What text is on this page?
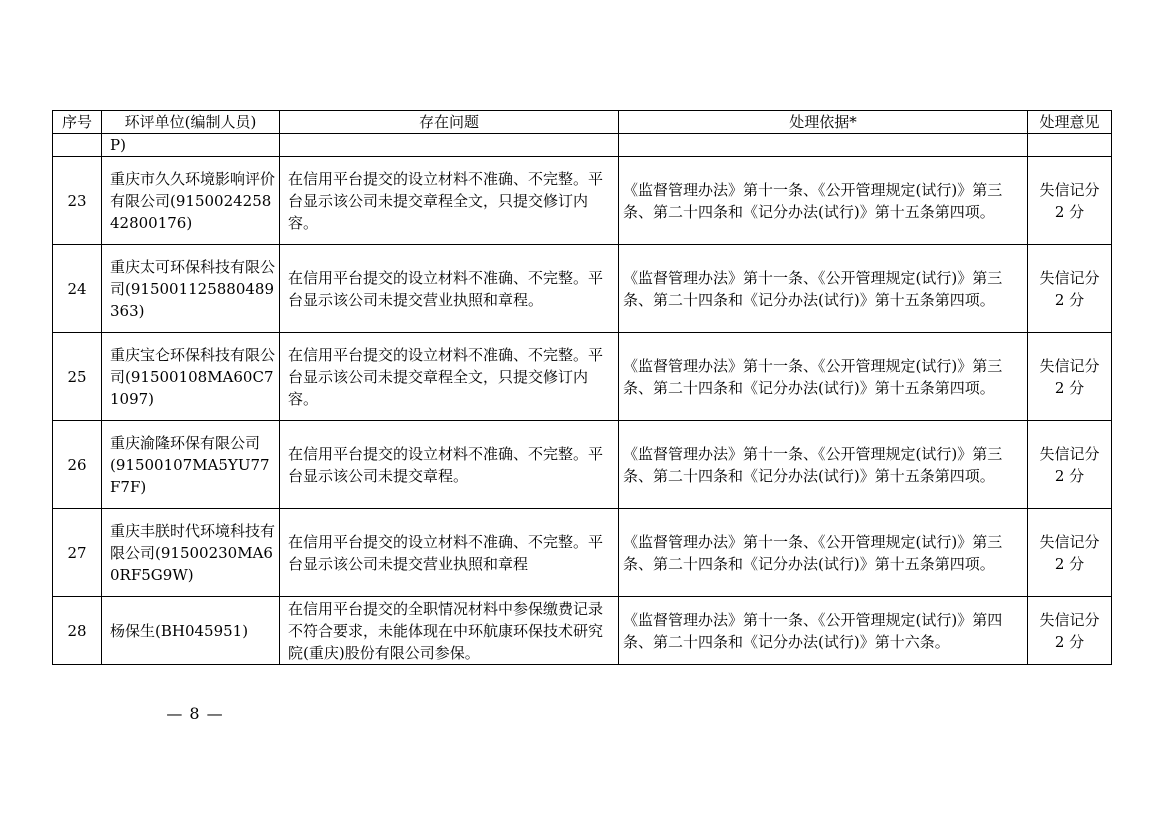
序号	环评单位(编制人员)	存在问题	处理依据*	处理意见
	P)			
23	重庆市久久环境影响评价有限公司(915002425842800176)	在信用平台提交的设立材料不准确、不完整。平台显示该公司未提交章程全文，只提交修订内容。	《监督管理办法》第十一条、《公开管理规定(试行)》第三条、第二十四条和《记分办法(试行)》第十五条第四项。	失信记分 2 分
24	重庆太可环保科技有限公司(915001125880489363)	在信用平台提交的设立材料不准确、不完整。平台显示该公司未提交营业执照和章程。	《监督管理办法》第十一条、《公开管理规定(试行)》第三条、第二十四条和《记分办法(试行)》第十五条第四项。	失信记分 2 分
25	重庆宝仑环保科技有限公司(91500108MA60C71097)	在信用平台提交的设立材料不准确、不完整。平台显示该公司未提交章程全文，只提交修订内容。	《监督管理办法》第十一条、《公开管理规定(试行)》第三条、第二十四条和《记分办法(试行)》第十五条第四项。	失信记分 2 分
26	重庆渝隆环保有限公司(91500107MA5YU77F7F)	在信用平台提交的设立材料不准确、不完整。平台显示该公司未提交章程。	《监督管理办法》第十一条、《公开管理规定(试行)》第三条、第二十四条和《记分办法(试行)》第十五条第四项。	失信记分 2 分
27	重庆丰朕时代环境科技有限公司(91500230MA60RF5G9W)	在信用平台提交的设立材料不准确、不完整。平台显示该公司未提交营业执照和章程	《监督管理办法》第十一条、《公开管理规定(试行)》第三条、第二十四条和《记分办法(试行)》第十五条第四项。	失信记分 2 分
28	杨保生(BH045951)	在信用平台提交的全职情况材料中参保缴费记录不符合要求，未能体现在中环航康环保技术研究院(重庆)股份有限公司参保。	《监督管理办法》第十一条、《公开管理规定(试行)》第四条、第二十四条和《记分办法(试行)》第十六条。	失信记分 2 分
— 8 —
